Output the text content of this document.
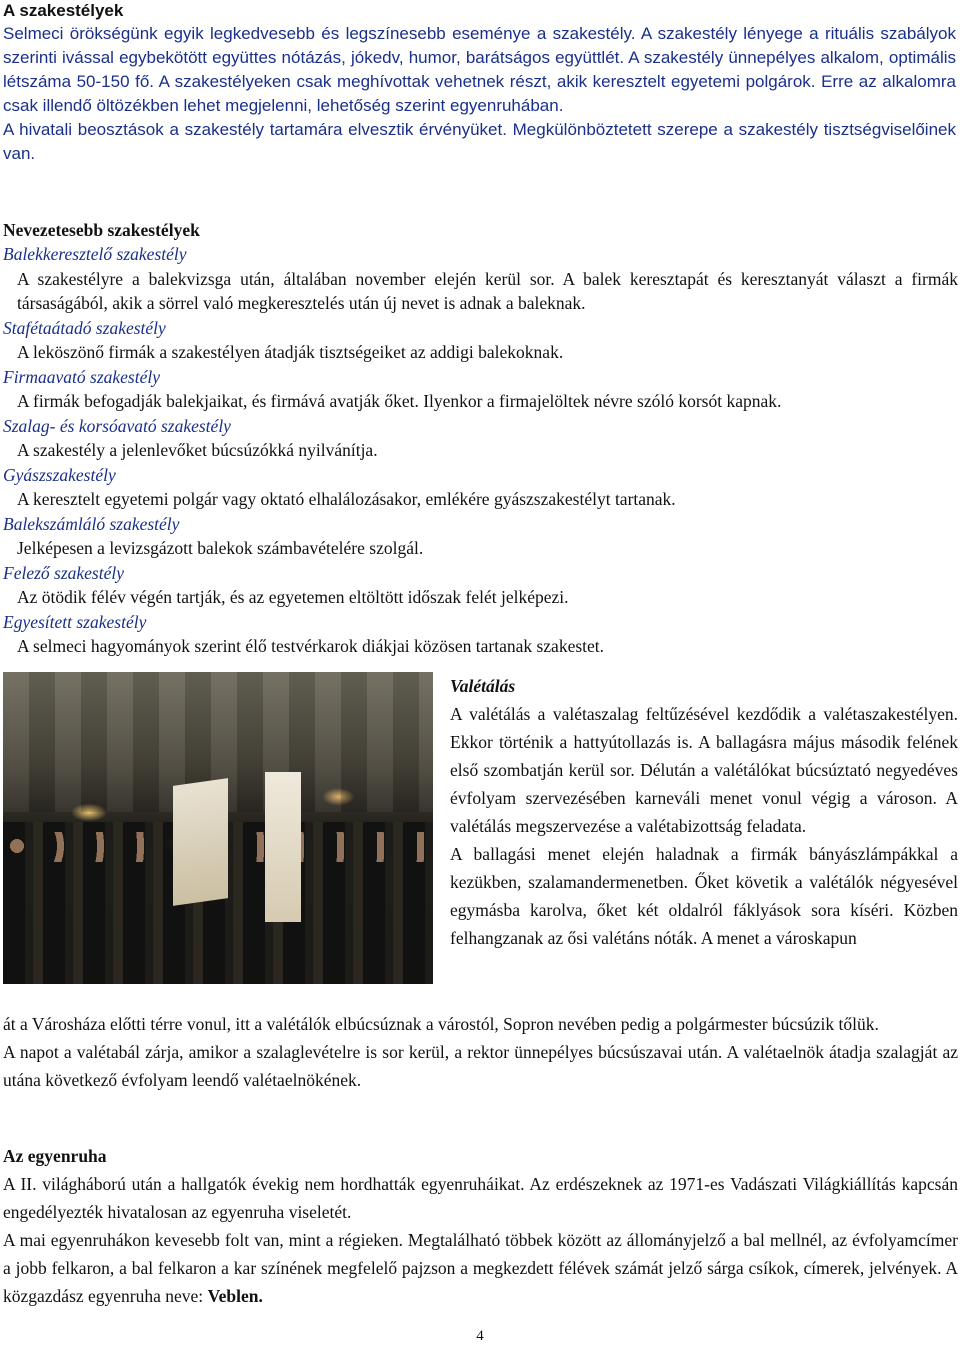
A szakestélyek

Selmeci örökségünk egyik legkedvesebb és legszínesebb eseménye a szakestély. A szakestély lényege a rituális szabályok szerinti ivással egybekötött együttes nótázás, jókedv, humor, barátságos együttlét. A szakestély ünnepélyes alkalom, optimális létszáma 50-150 fő. A szakestélyeken csak meghívottak vehetnek részt, akik keresztelt egyetemi polgárok. Erre az alkalomra csak illendő öltözékben lehet megjelenni, lehetőség szerint egyenruhában.

A hivatali beosztások a szakestély tartamára elvesztik érvényüket. Megkülönböztetett szerepe a szakestély tisztségviselőinek van.

Nevezetesebb szakestélyek

Balekkeresztelő szakestély

A szakestélyre a balekvizsga után, általában november elején kerül sor. A balek keresztapát és keresztanyát választ a firmák társaságából, akik a sörrel való megkeresztelés után új nevet is adnak a baleknak.

Stafétaátadó szakestély

A leköszönő firmák a szakestélyen átadják tisztségeiket az addigi balekoknak.

Firmaavató szakestély

A firmák befogadják balekjaikat, és firmává avatják őket. Ilyenkor a firmajelöltek névre szóló korsót kapnak.

Szalag- és korsóavató szakestély

A szakestély a jelenlevőket búcsúzókká nyilvánítja.

Gyászszakestély

A keresztelt egyetemi polgár vagy oktató elhalálozásakor, emlékére gyászszakestélyt tartanak.

Balekszámláló szakestély

Jelképesen a levizsgázott balekok számbavételére szolgál.

Felező szakestély

Az ötödik félév végén tartják, és az egyetemen eltöltött időszak felét jelképezi.

Egyesített szakestély

A selmeci hagyományok szerint élő testvérkarok diákjai közösen tartanak szakestet.

Valétálás

A valétálás a valétaszalag feltűzésével kezdődik a valétaszakestélyen. Ekkor történik a hattyútollazás is. A ballagásra május második felének első szombatján kerül sor. Délután a valétálókat búcsúztató negyedéves évfolyam szervezésében karneváli menet vonul végig a városon. A valétálás megszervezése a valétabizottság feladata.

A ballagási menet elején haladnak a firmák bányászlámpákkal a kezükben, szalamandermenetben. Őket követik a valétálók négyesével egymásba karolva, őket két oldalról fáklyások sora kíséri. Közben felhangzanak az ősi valétáns nóták. A menet a városkapun

át a Városháza előtti térre vonul, itt a valétálók elbúcsúznak a várostól, Sopron nevében pedig a polgármester búcsúzik tőlük.

A napot a valétabál zárja, amikor a szalaglevételre is sor kerül, a rektor ünnepélyes búcsúszavai után. A valétaelnök átadja szalagját az utána következő évfolyam leendő valétaelnökének.

Az egyenruha

A II. világháború után a hallgatók évekig nem hordhatták egyenruháikat. Az erdészeknek az 1971-es Vadászati Világkiállítás kapcsán engedélyezték hivatalosan az egyenruha viseletét.

A mai egyenruhákon kevesebb folt van, mint a régieken. Megtalálható többek között az állományjelző a bal mellnél, az évfolyamcímer a jobb felkaron, a bal felkaron a kar színének megfelelő pajzson a megkezdett félévek számát jelző sárga csíkok, címerek, jelvények. A közgazdász egyenruha neve: Veblen.

4
